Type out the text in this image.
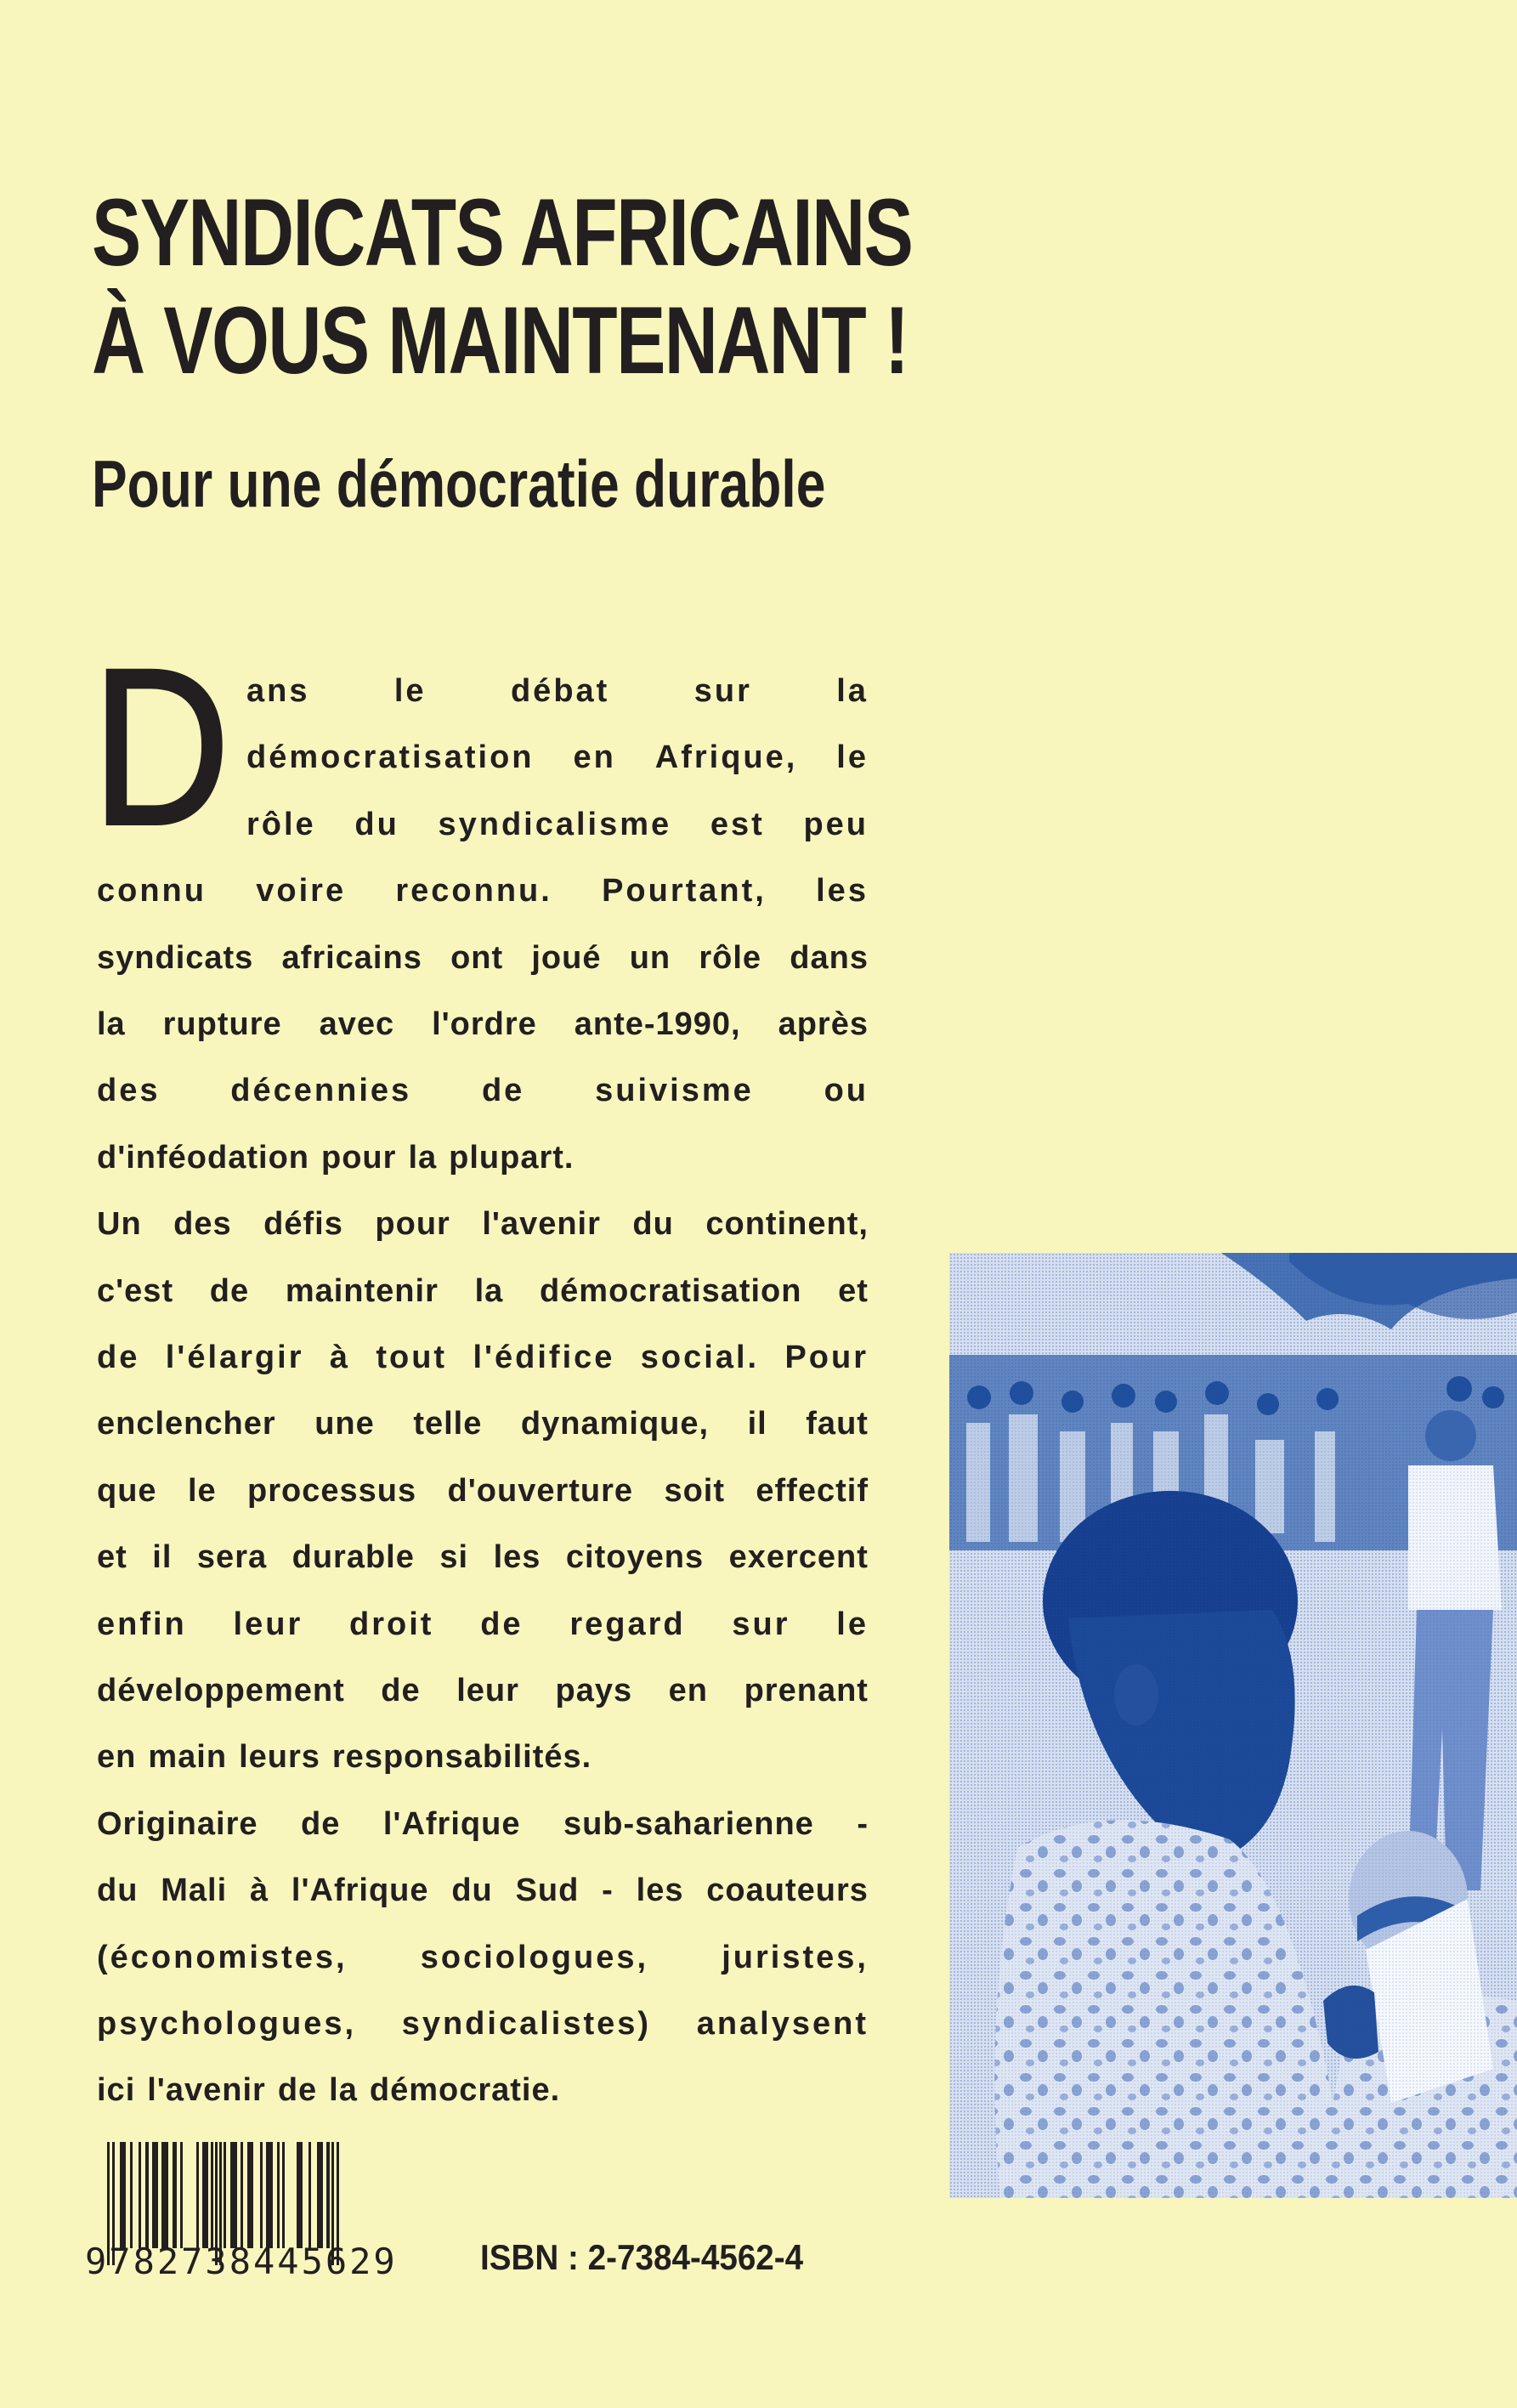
SYNDICATS AFRICAINS
À VOUS MAINTENANT !
Pour une démocratie durable
D ans	le	débat	sur	la
démocratisation en Afrique, le
rôle du syndicalisme est peu
connu voire reconnu. Pourtant, les
syndicats africains ont joué un rôle dans
la rupture avec l'ordre ante-1990, après
des décennies de suivisme ou
d'inféodation pour la plupart.
Un des défis pour l'avenir du continent,
c'est de maintenir la démocratisation et
de l'élargir à tout l'édifice social. Pour
enclencher une telle dynamique, il faut
que le processus d'ouverture soit effectif
et il sera durable si les citoyens exercent
enfin leur droit de regard sur le
développement de leur pays en prenant
en main leurs responsabilités.
Originaire de l'Afrique sub-saharienne -
du Mali à l'Afrique du Sud - les coauteurs
(économistes, sociologues, juristes,
psychologues, syndicalistes) analysent
ici l'avenir de la démocratie.
9782738445629 ISBN : 2-7384-4562-4
